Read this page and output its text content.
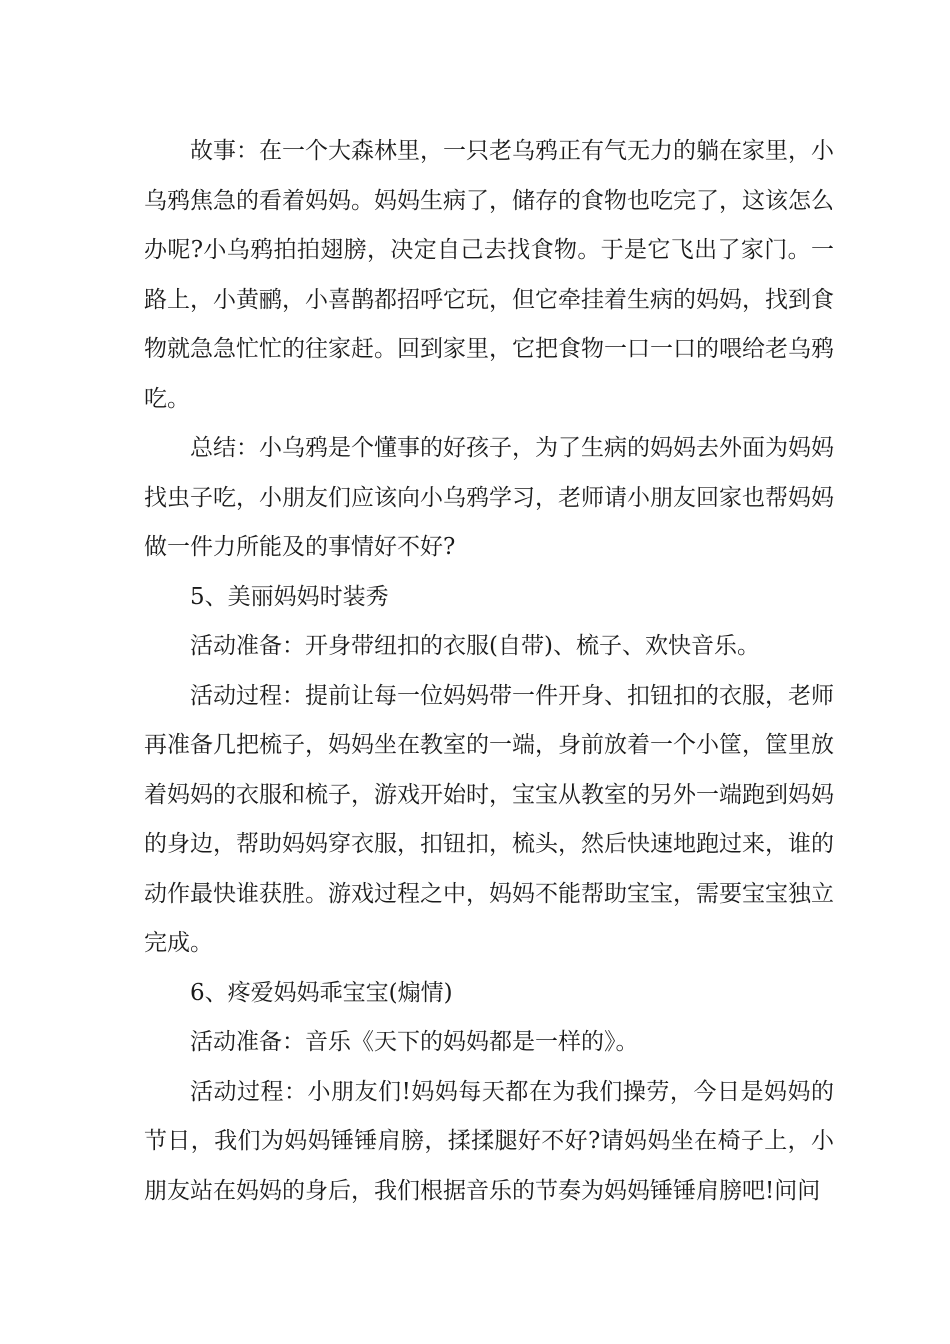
故事：在一个大森林里，一只老乌鸦正有气无力的躺在家里，小乌鸦焦急的看着妈妈。妈妈生病了，储存的食物也吃完了，这该怎么办呢?小乌鸦拍拍翅膀，决定自己去找食物。于是它飞出了家门。一路上，小黄鹂，小喜鹊都招呼它玩，但它牵挂着生病的妈妈，找到食物就急急忙忙的往家赶。回到家里，它把食物一口一口的喂给老乌鸦吃。

总结：小乌鸦是个懂事的好孩子，为了生病的妈妈去外面为妈妈找虫子吃，小朋友们应该向小乌鸦学习，老师请小朋友回家也帮妈妈做一件力所能及的事情好不好?

5、美丽妈妈时装秀

活动准备：开身带纽扣的衣服(自带)、梳子、欢快音乐。

活动过程：提前让每一位妈妈带一件开身、扣钮扣的衣服，老师再准备几把梳子，妈妈坐在教室的一端，身前放着一个小筐，筐里放着妈妈的衣服和梳子，游戏开始时，宝宝从教室的另外一端跑到妈妈的身边，帮助妈妈穿衣服，扣钮扣，梳头，然后快速地跑过来，谁的动作最快谁获胜。游戏过程之中，妈妈不能帮助宝宝，需要宝宝独立完成。

6、疼爱妈妈乖宝宝(煽情)

活动准备：音乐《天下的妈妈都是一样的》。

活动过程：小朋友们!妈妈每天都在为我们操劳，今日是妈妈的节日，我们为妈妈锤锤肩膀，揉揉腿好不好?请妈妈坐在椅子上，小朋友站在妈妈的身后，我们根据音乐的节奏为妈妈锤锤肩膀吧!问问
